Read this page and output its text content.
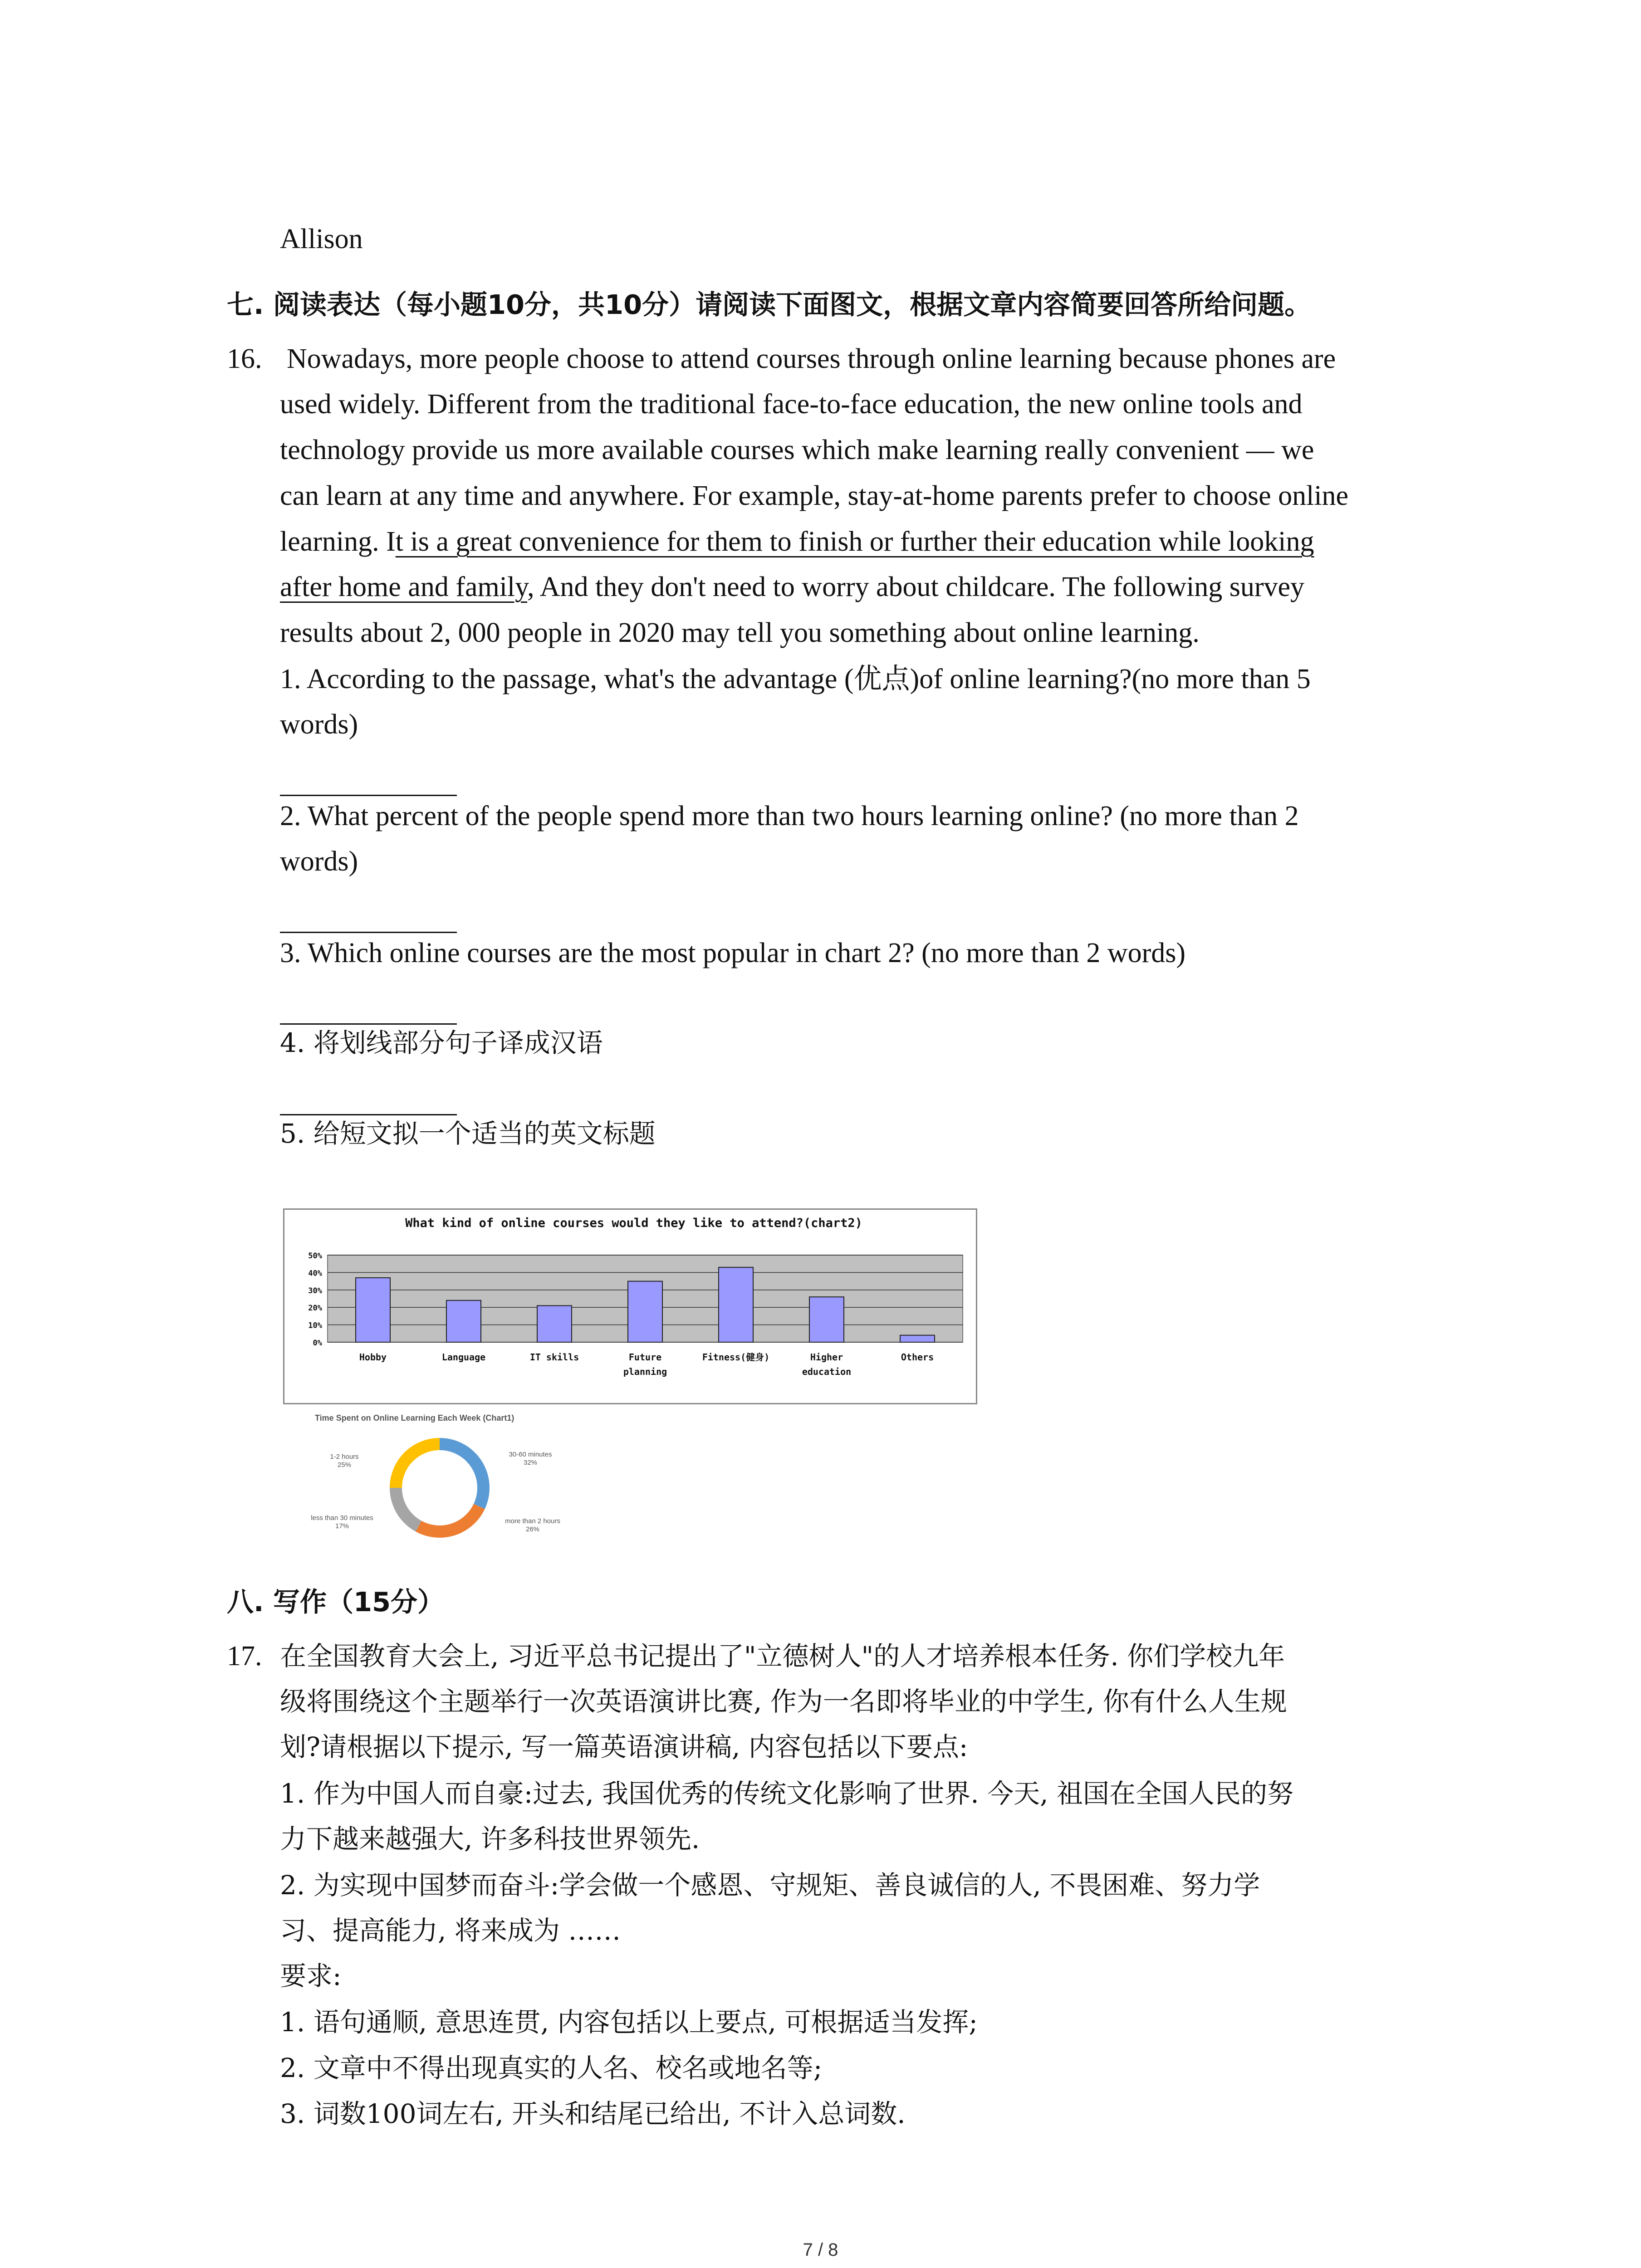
Allison
七. 阅读表达（每小题10分，共10分）请阅读下面图文，根据文章内容简要回答所给问题。
16. Nowadays, more people choose to attend courses through online learning because phones are
used widely. Different from the traditional face-to-face education, the new online tools and
technology provide us more available courses which make learning really convenient — we
can learn at any time and anywhere. For example, stay-at-home parents prefer to choose online
learning. It is a great convenience for them to finish or further their education while looking
after home and family, And they don't need to worry about childcare. The following survey
results about 2, 000 people in 2020 may tell you something about online learning.
1. According to the passage, what's the advantage (优点)of online learning?(no more than 5
words)
2. What percent of the people spend more than two hours learning online? (no more than 2
words)
3. Which online courses are the most popular in chart 2? (no more than 2 words)
4. 将划线部分句子译成汉语
5. 给短文拟一个适当的英文标题
What kind of online courses would they like to attend?(chart2)
0%
10%
20%
30%
40%
50%
Hobby	Language	IT skills	Future
planning
Fitness(健身)	Higher
education
Others
Time Spent on Online Learning Each Week (Chart1)
1-2 hours
25%
30-60 minutes
32%
less than 30 minutes
17%
more than 2 hours
26%
八. 写作（15分）
17. 在全国教育大会上, 习近平总书记提出了"立德树人"的人才培养根本任务. 你们学校九年
级将围绕这个主题举行一次英语演讲比赛, 作为一名即将毕业的中学生, 你有什么人生规
划?请根据以下提示, 写一篇英语演讲稿, 内容包括以下要点:
1. 作为中国人而自豪:过去, 我国优秀的传统文化影响了世界. 今天, 祖国在全国人民的努
力下越来越强大, 许多科技世界领先.
2. 为实现中国梦而奋斗:学会做一个感恩、守规矩、善良诚信的人, 不畏困难、努力学
习、提高能力, 将来成为 ……
要求:
1. 语句通顺, 意思连贯, 内容包括以上要点, 可根据适当发挥;
2. 文章中不得出现真实的人名、校名或地名等;
3. 词数100词左右, 开头和结尾已给出, 不计入总词数.
7 / 8
